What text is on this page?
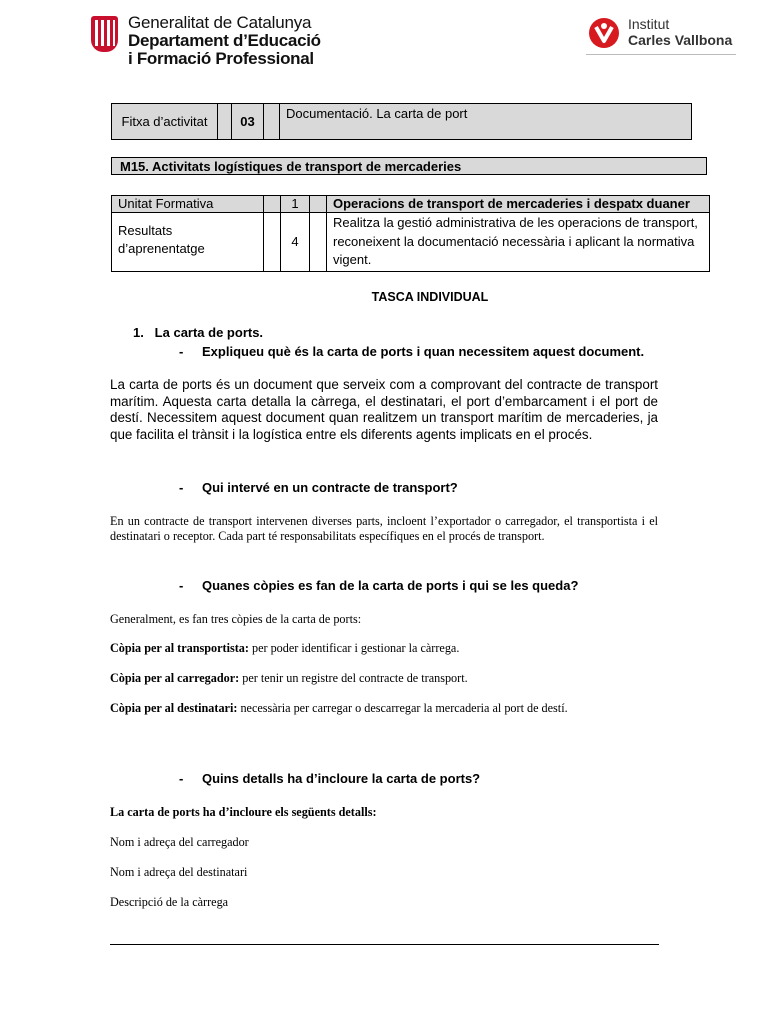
Generalitat de Catalunya
Departament d’Educació
i Formació Professional
Institut
Carles Vallbona
Fitxa d’activitat		03		Documentació. La carta de port
M15. Activitats logístiques de transport de mercaderies
Unitat Formativa		1		Operacions de transport de mercaderies i despatx duaner
Resultats d’aprenentatge		4		Realitza la gestió administrativa de les operacions de transport, reconeixent la documentació necessària i aplicant la normativa vigent.
TASCA INDIVIDUAL
1.   La carta de ports.
- Expliqueu què és la carta de ports i quan necessitem aquest document.
La carta de ports és un document que serveix com a comprovant del contracte de transport marítim. Aquesta carta detalla la càrrega, el destinatari, el port d’embarcament i el port de destí. Necessitem aquest document quan realitzem un transport marítim de mercaderies, ja que facilita el trànsit i la logística entre els diferents agents implicats en el procés.
- Qui intervé en un contracte de transport?
En un contracte de transport intervenen diverses parts, incloent l’exportador o carregador, el transportista i el destinatari o receptor. Cada part té responsabilitats específiques en el procés de transport.
- Quanes còpies es fan de la carta de ports i qui se les queda?
Generalment, es fan tres còpies de la carta de ports:
Còpia per al transportista: per poder identificar i gestionar la càrrega.
Còpia per al carregador: per tenir un registre del contracte de transport.
Còpia per al destinatari: necessària per carregar o descarregar la mercaderia al port de destí.
- Quins detalls ha d’incloure la carta de ports?
La carta de ports ha d’incloure els següents detalls:
Nom i adreça del carregador
Nom i adreça del destinatari
Descripció de la càrrega
